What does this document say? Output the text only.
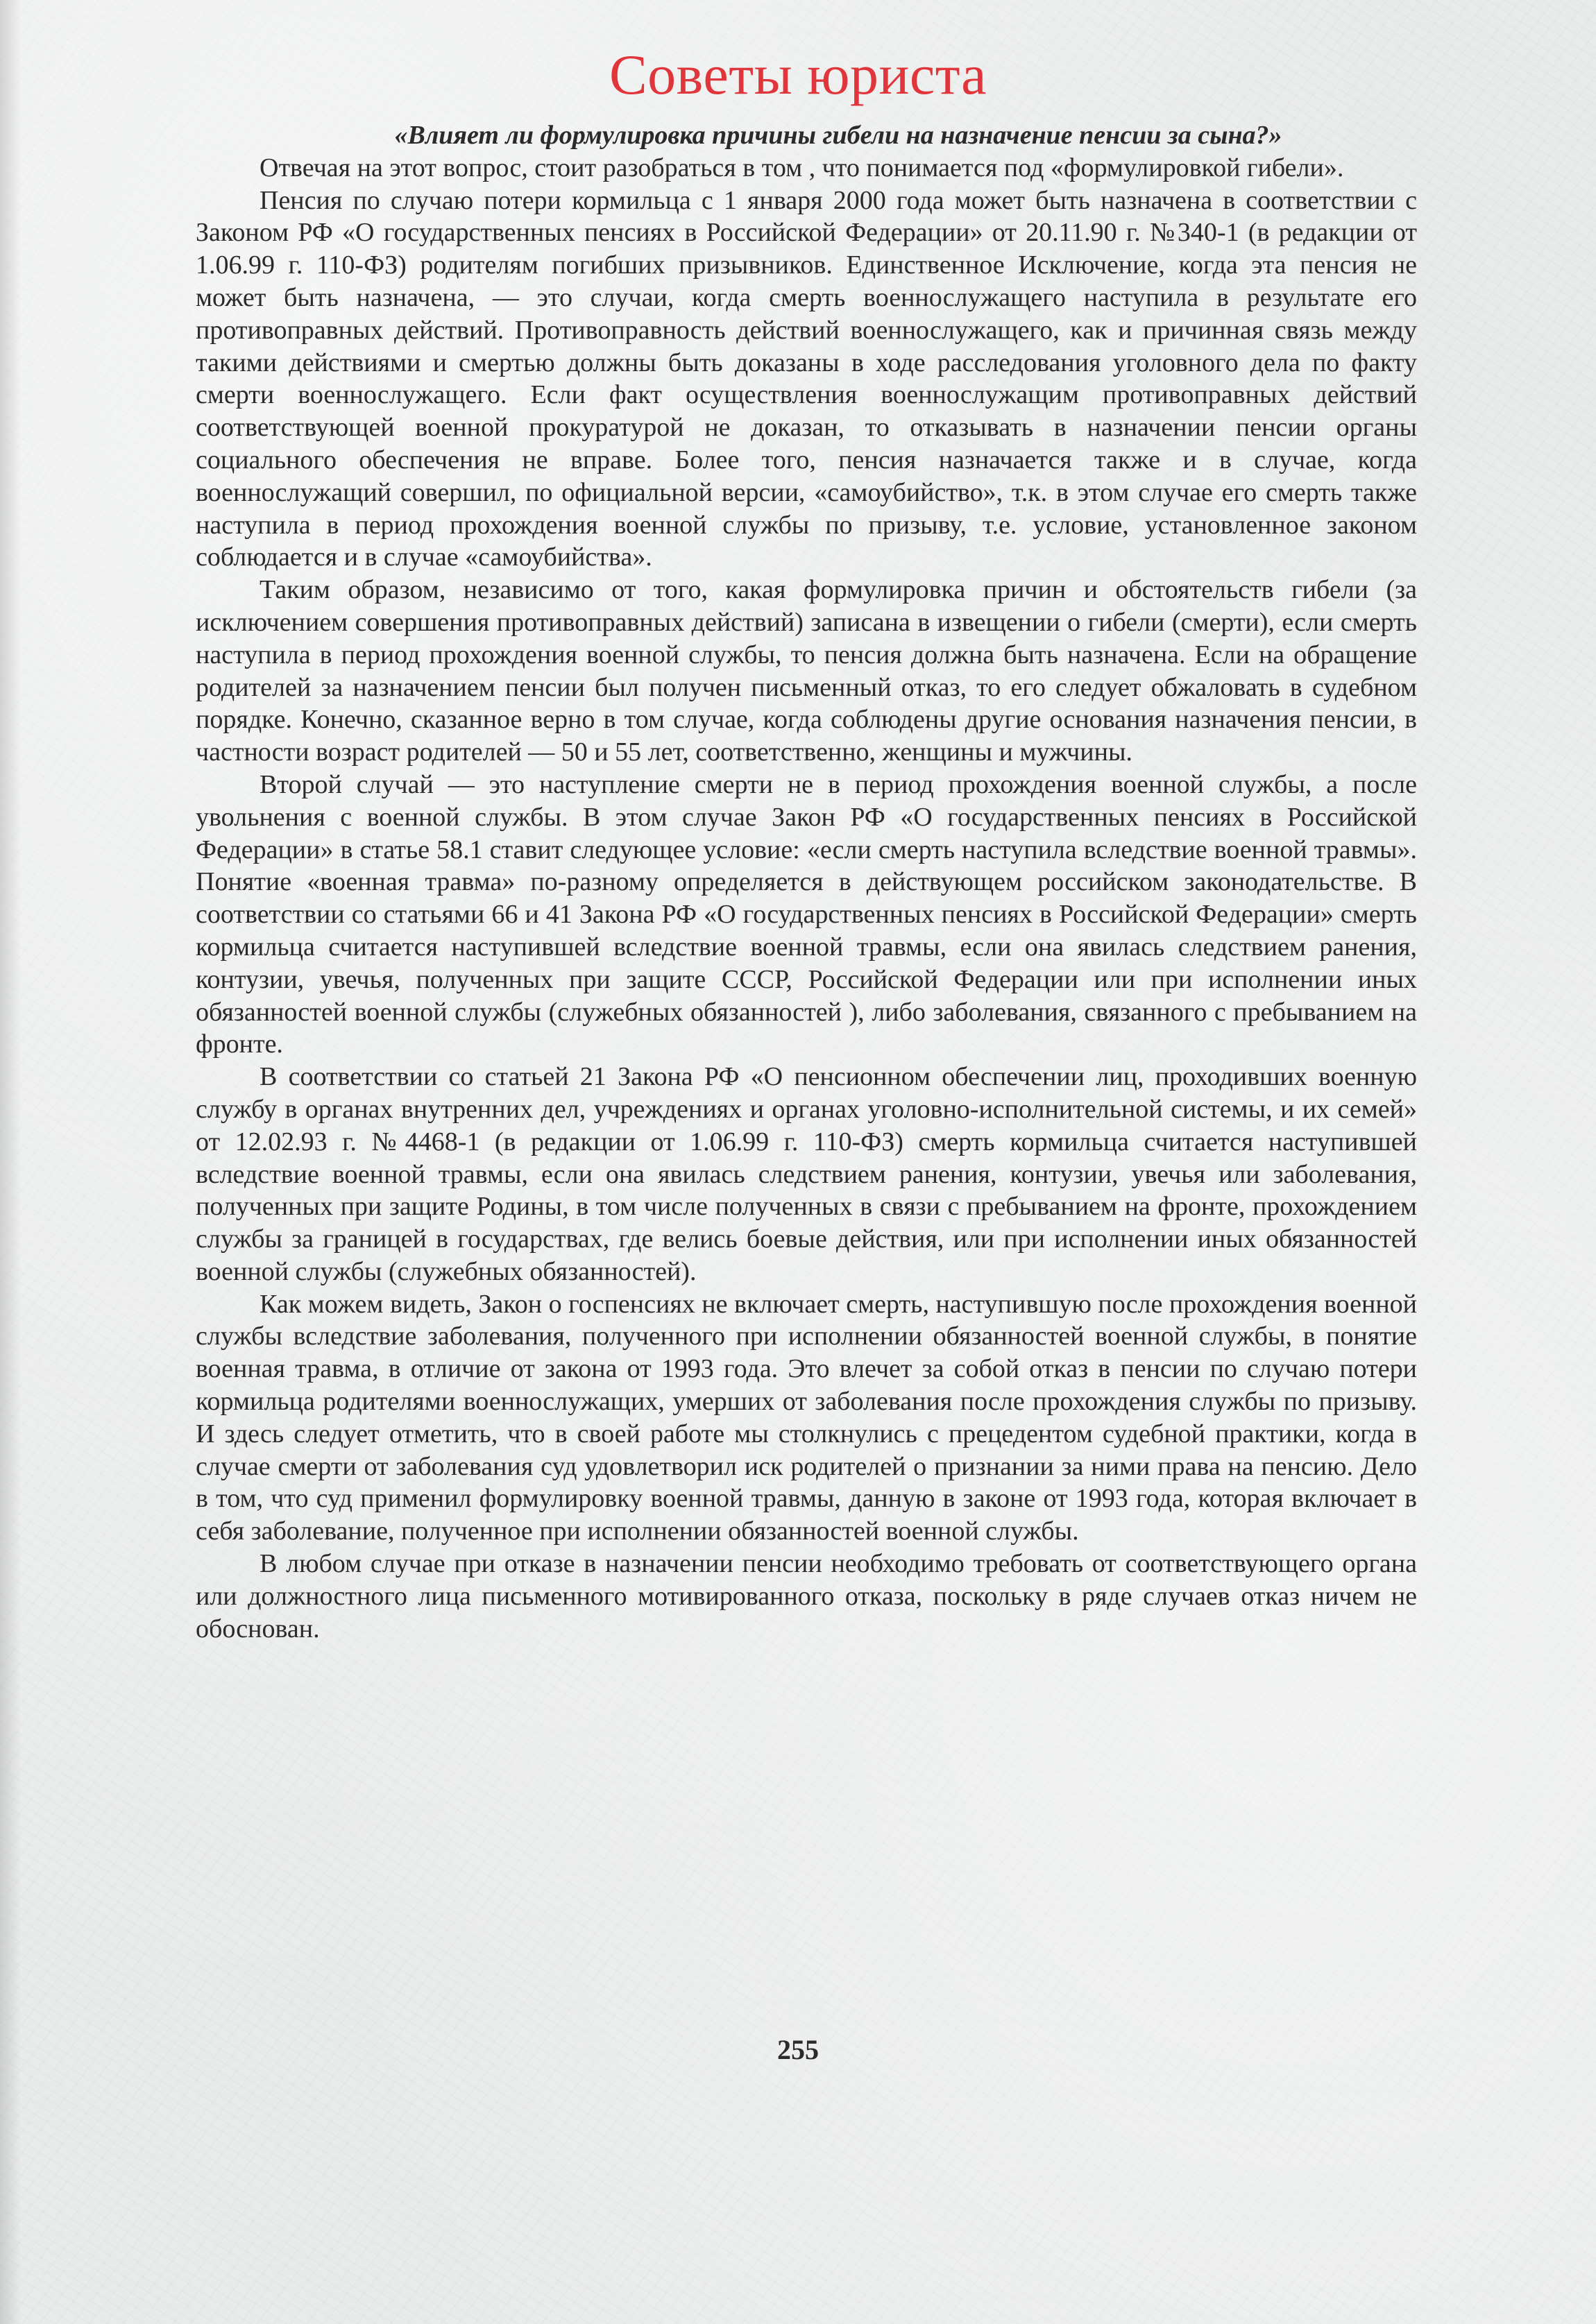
Советы юриста

«Влияет ли формулировка причины гибели на назначение пенсии за сына?»

Отвечая на этот вопрос, стоит разобраться в том , что понимается под «формулировкой гибели».

Пенсия по случаю потери кормильца с 1 января 2000 года может быть назначена в соответствии с Законом РФ «О государственных пенсиях в Российской Федерации» от 20.11.90 г. №340-1 (в редакции от 1.06.99 г. 110-ФЗ) родителям погибших призывников. Единственное Исключение, когда эта пенсия не может быть назначена, — это случаи, когда смерть военнослужащего наступила в результате его противоправных действий. Противоправность действий военнослужащего, как и причинная связь между такими действиями и смертью должны быть доказаны в ходе расследования уголовного дела по факту смерти военнослужащего. Если факт осуществления военнослужащим противоправных действий соответствующей военной прокуратурой не доказан, то отказывать в назначении пенсии органы социального обеспечения не вправе. Более того, пенсия назначается также и в случае, когда военнослужащий совершил, по официальной версии, «самоубийство», т.к. в этом случае его смерть также наступила в период прохождения военной службы по призыву, т.е. условие, установленное законом соблюдается и в случае «самоубийства».

Таким образом, независимо от того, какая формулировка причин и обстоятельств гибели (за исключением совершения противоправных действий) записана в извещении о гибели (смерти), если смерть наступила в период прохождения военной службы, то пенсия должна быть назначена. Если на обращение родителей за назначением пенсии был получен письменный отказ, то его следует обжаловать в судебном порядке. Конечно, сказанное верно в том случае, когда соблюдены другие основания назначения пенсии, в частности возраст родителей — 50 и 55 лет, соответственно, женщины и мужчины.

Второй случай — это наступление смерти не в период прохождения военной службы, а после увольнения с военной службы. В этом случае Закон РФ «О государственных пенсиях в Российской Федерации» в статье 58.1 ставит следующее условие: «если смерть наступила вследствие военной травмы». Понятие «военная травма» по-разному определяется в действующем российском законодательстве. В соответствии со статьями 66 и 41 Закона РФ «О государственных пенсиях в Российской Федерации» смерть кормильца считается наступившей вследствие военной травмы, если она явилась следствием ранения, контузии, увечья, полученных при защите СССР, Российской Федерации или при исполнении иных обязанностей военной службы (служебных обязанностей ), либо заболевания, связанного с пребыванием на фронте.

В соответствии со статьей 21 Закона РФ «О пенсионном обеспечении лиц, проходивших военную службу в органах внутренних дел, учреждениях и органах уголовно-исполнительной системы, и их семей» от 12.02.93 г. №4468-1 (в редакции от 1.06.99 г. 110-ФЗ) смерть кормильца считается наступившей вследствие военной травмы, если она явилась следствием ранения, контузии, увечья или заболевания, полученных при защите Родины, в том числе полученных в связи с пребыванием на фронте, прохождением службы за границей в государствах, где велись боевые действия, или при исполнении иных обязанностей военной службы (служебных обязанностей).

Как можем видеть, Закон о госпенсиях не включает смерть, наступившую после прохождения военной службы вследствие заболевания, полученного при исполнении обязанностей военной службы, в понятие военная травма, в отличие от закона от 1993 года. Это влечет за собой отказ в пенсии по случаю потери кормильца родителями военнослужащих, умерших от заболевания после прохождения службы по призыву. И здесь следует отметить, что в своей работе мы столкнулись с прецедентом судебной практики, когда в случае смерти от заболевания суд удовлетворил иск родителей о признании за ними права на пенсию. Дело в том, что суд применил формулировку военной травмы, данную в законе от 1993 года, которая включает в себя заболевание, полученное при исполнении обязанностей военной службы.

В любом случае при отказе в назначении пенсии необходимо требовать от соответствующего органа или должностного лица письменного мотивированного отказа, поскольку в ряде случаев отказ ничем не обоснован.

255
